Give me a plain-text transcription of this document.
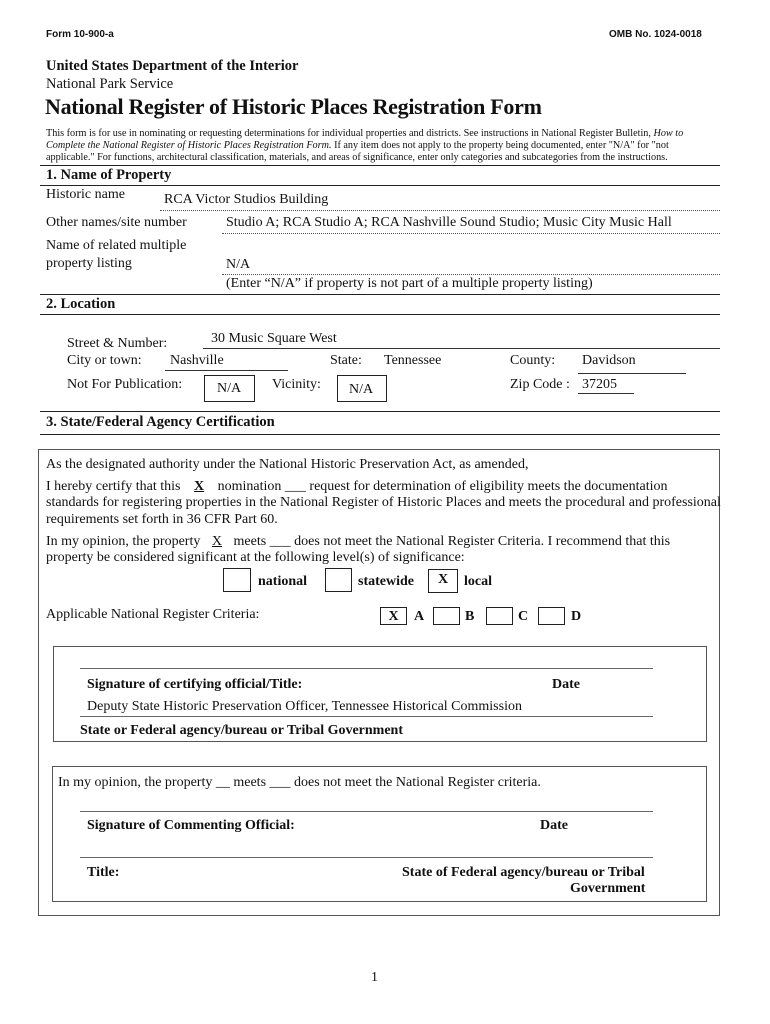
Form 10-900-a	OMB No. 1024-0018
United States Department of the Interior
National Park Service
National Register of Historic Places Registration Form
This form is for use in nominating or requesting determinations for individual properties and districts. See instructions in National Register Bulletin, How to
Complete the National Register of Historic Places Registration Form. If any item does not apply to the property being documented, enter "N/A" for "not
applicable." For functions, architectural classification, materials, and areas of significance, enter only categories and subcategories from the instructions.
1. Name of Property
Historic name	RCA Victor Studios Building
Other names/site number	Studio A; RCA Studio A; RCA Nashville Sound Studio; Music City Music Hall
Name of related multiple
property listing	N/A
(Enter “N/A” if property is not part of a multiple property listing)
2. Location
Street & Number:	30 Music Square West
City or town: Nashville	State: Tennessee	County: Davidson
Not For Publication: N/A Vicinity: N/A	Zip Code : 37205
3. State/Federal Agency Certification
As the designated authority under the National Historic Preservation Act, as amended,
I hereby certify that this X nomination ___ request for determination of eligibility meets the documentation
standards for registering properties in the National Register of Historic Places and meets the procedural and professional
requirements set forth in 36 CFR Part 60.
In my opinion, the property X meets ___ does not meet the National Register Criteria. I recommend that this
property be considered significant at the following level(s) of significance:
national	statewide	X	local
Applicable National Register Criteria:	X	A	B	C	D
Signature of certifying official/Title:	Date
Deputy State Historic Preservation Officer, Tennessee Historical Commission
State or Federal agency/bureau or Tribal Government
In my opinion, the property __ meets ___ does not meet the National Register criteria.
Signature of Commenting Official:	Date
Title:	State of Federal agency/bureau or Tribal
Government
1
